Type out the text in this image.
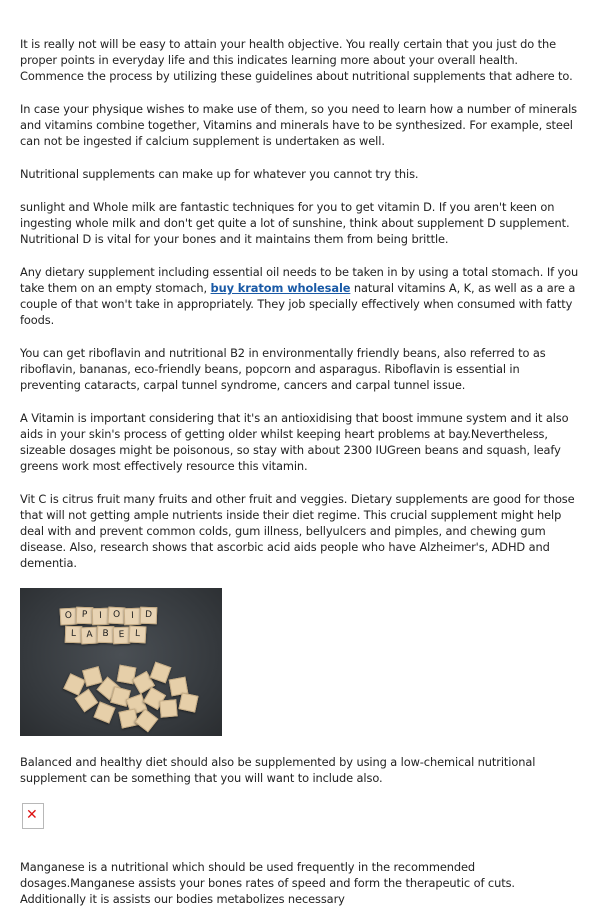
It is really not will be easy to attain your health objective. You really certain that you just do the proper points in everyday life and this indicates learning more about your overall health. Commence the process by utilizing these guidelines about nutritional supplements that adhere to.

In case your physique wishes to make use of them, so you need to learn how a number of minerals and vitamins combine together, Vitamins and minerals have to be synthesized. For example, steel can not be ingested if calcium supplement is undertaken as well.

Nutritional supplements can make up for whatever you cannot try this.

sunlight and Whole milk are fantastic techniques for you to get vitamin D. If you aren't keen on ingesting whole milk and don't get quite a lot of sunshine, think about supplement D supplement. Nutritional D is vital for your bones and it maintains them from being brittle.

Any dietary supplement including essential oil needs to be taken in by using a total stomach. If you take them on an empty stomach, buy kratom wholesale natural vitamins A, K, as well as a are a couple of that won't take in appropriately. They job specially effectively when consumed with fatty foods.

You can get riboflavin and nutritional B2 in environmentally friendly beans, also referred to as riboflavin, bananas, eco-friendly beans, popcorn and asparagus. Riboflavin is essential in preventing cataracts, carpal tunnel syndrome, cancers and carpal tunnel issue.

A Vitamin is important considering that it's an antioxidising that boost immune system and it also aids in your skin's process of getting older whilst keeping heart problems at bay.Nevertheless, sizeable dosages might be poisonous, so stay with about 2300 IUGreen beans and squash, leafy greens work most effectively resource this vitamin.

Vit C is citrus fruit many fruits and other fruit and veggies. Dietary supplements are good for those that will not getting ample nutrients inside their diet regime. This crucial supplement might help deal with and prevent common colds, gum illness, bellyulcers and pimples, and chewing gum disease. Also, research shows that ascorbic acid aids people who have Alzheimer's, ADHD and dementia.

O	P	I	O	I	D
L	A	B	E	L

Balanced and healthy diet should also be supplemented by using a low-chemical nutritional supplement can be something that you will want to include also.

✕

Manganese is a nutritional which should be used frequently in the recommended dosages.Manganese assists your bones rates of speed and form the therapeutic of cuts. Additionally it is assists our bodies metabolizes necessary
